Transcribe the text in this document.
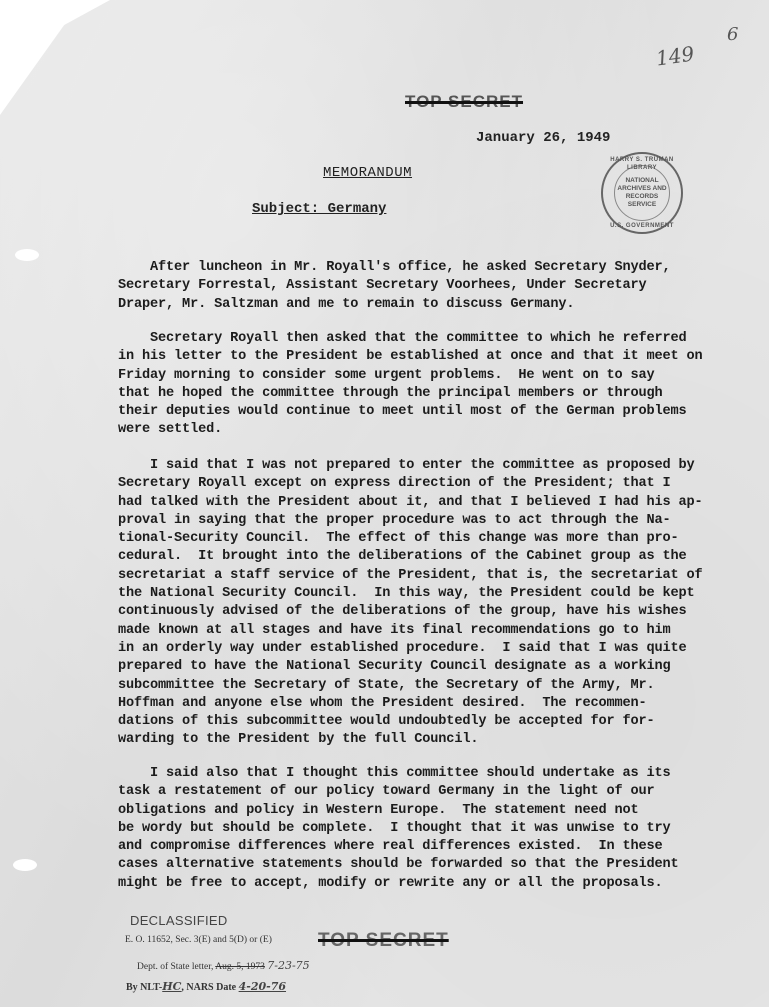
149
6
TOP SECRET
January 26, 1949
MEMORANDUM
Subject: Germany
HARRY S. TRUMAN LIBRARY
NATIONAL
ARCHIVES AND
RECORDS
SERVICE
U.S. GOVERNMENT

After luncheon in Mr. Royall's office, he asked Secretary Snyder,

Secretary Forrestal, Assistant Secretary Voorhees, Under Secretary

Draper, Mr. Saltzman and me to remain to discuss Germany.

Secretary Royall then asked that the committee to which he referred

in his letter to the President be established at once and that it meet on

Friday morning to consider some urgent problems.  He went on to say

that he hoped the committee through the principal members or through

their deputies would continue to meet until most of the German problems

were settled.

I said that I was not prepared to enter the committee as proposed by

Secretary Royall except on express direction of the President; that I

had talked with the President about it, and that I believed I had his ap-

proval in saying that the proper procedure was to act through the Na-

tional-Security Council.  The effect of this change was more than pro-

cedural.  It brought into the deliberations of the Cabinet group as the

secretariat a staff service of the President, that is, the secretariat of

the National Security Council.  In this way, the President could be kept

continuously advised of the deliberations of the group, have his wishes

made known at all stages and have its final recommendations go to him

in an orderly way under established procedure.  I said that I was quite

prepared to have the National Security Council designate as a working

subcommittee the Secretary of State, the Secretary of the Army, Mr.

Hoffman and anyone else whom the President desired.  The recommen-

dations of this subcommittee would undoubtedly be accepted for for-

warding to the President by the full Council.

I said also that I thought this committee should undertake as its

task a restatement of our policy toward Germany in the light of our

obligations and policy in Western Europe.  The statement need not

be wordy but should be complete.  I thought that it was unwise to try

and compromise differences where real differences existed.  In these

cases alternative statements should be forwarded so that the President

might be free to accept, modify or rewrite any or all the proposals.

DECLASSIFIED
E. O. 11652, Sec. 3(E) and 5(D) or (E)
Dept. of State letter, Aug. 5, 1973 7-23-75
By NLT-HC, NARS Date 4-20-76
TOP SECRET
